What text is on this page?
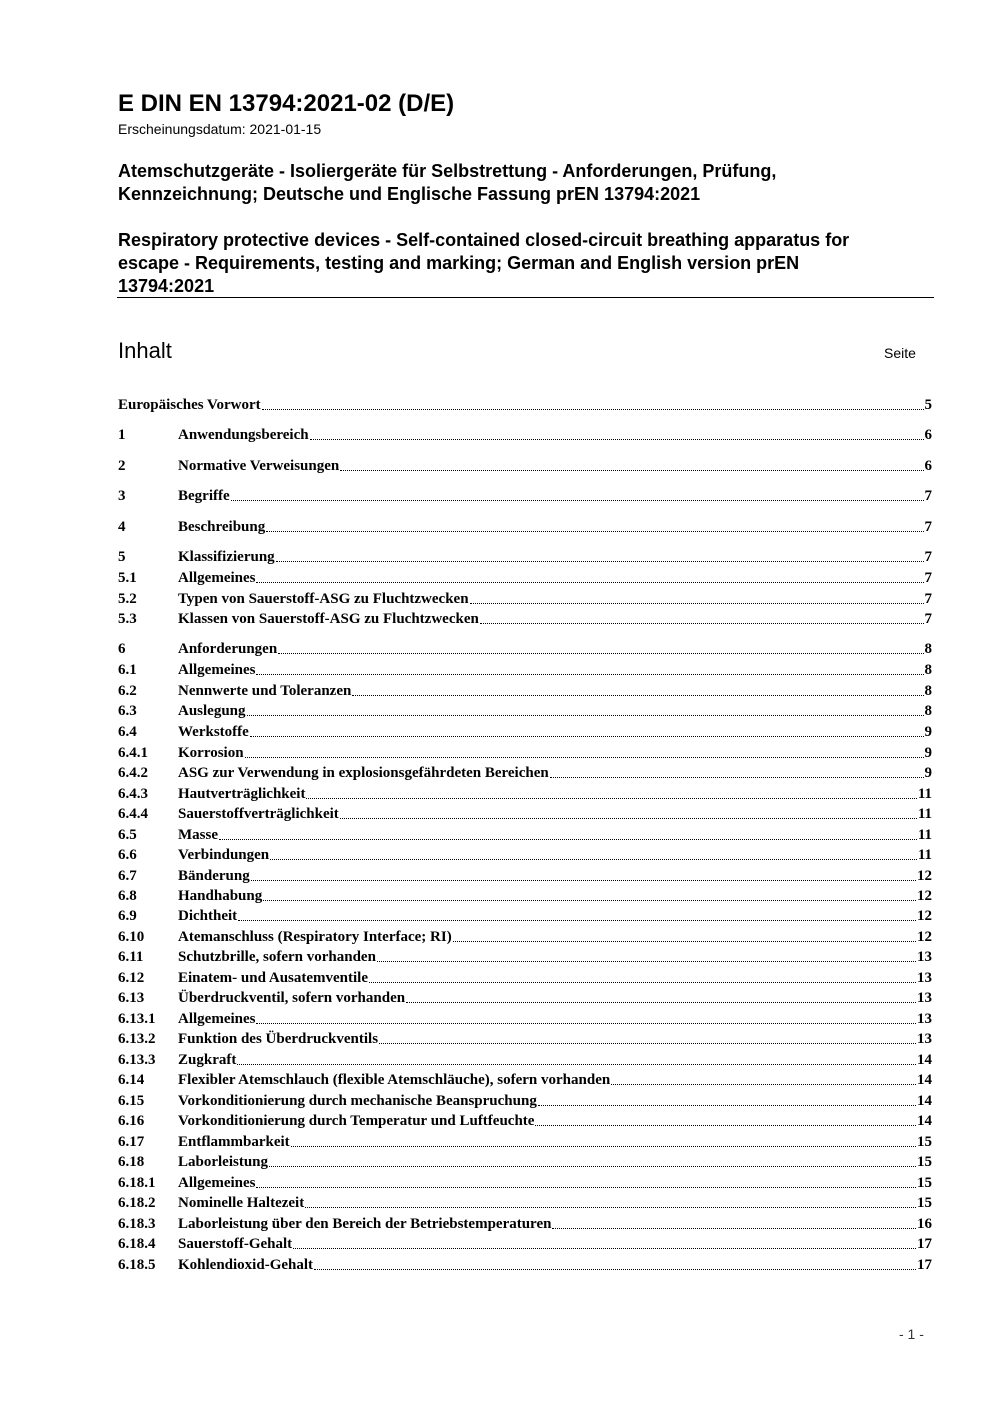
E DIN EN 13794:2021-02 (D/E)
Erscheinungsdatum: 2021-01-15
Atemschutzgeräte - Isoliergeräte für Selbstrettung - Anforderungen, Prüfung,
Kennzeichnung; Deutsche und Englische Fassung prEN 13794:2021
Respiratory protective devices - Self-contained closed-circuit breathing apparatus for
escape - Requirements, testing and marking; German and English version prEN
13794:2021
Inhalt	Seite
Europäisches Vorwort	5
1	Anwendungsbereich	6
2	Normative Verweisungen	6
3	Begriffe	7
4	Beschreibung	7
5	Klassifizierung	7
5.1	Allgemeines	7
5.2	Typen von Sauerstoff-ASG zu Fluchtzwecken	7
5.3	Klassen von Sauerstoff-ASG zu Fluchtzwecken	7
6	Anforderungen	8
6.1	Allgemeines	8
6.2	Nennwerte und Toleranzen	8
6.3	Auslegung	8
6.4	Werkstoffe	9
6.4.1	Korrosion	9
6.4.2	ASG zur Verwendung in explosionsgefährdeten Bereichen	9
6.4.3	Hautverträglichkeit	11
6.4.4	Sauerstoffverträglichkeit	11
6.5	Masse	11
6.6	Verbindungen	11
6.7	Bänderung	12
6.8	Handhabung	12
6.9	Dichtheit	12
6.10	Atemanschluss (Respiratory Interface; RI)	12
6.11	Schutzbrille, sofern vorhanden	13
6.12	Einatem- und Ausatemventile	13
6.13	Überdruckventil, sofern vorhanden	13
6.13.1	Allgemeines	13
6.13.2	Funktion des Überdruckventils	13
6.13.3	Zugkraft	14
6.14	Flexibler Atemschlauch (flexible Atemschläuche), sofern vorhanden	14
6.15	Vorkonditionierung durch mechanische Beanspruchung	14
6.16	Vorkonditionierung durch Temperatur und Luftfeuchte	14
6.17	Entflammbarkeit	15
6.18	Laborleistung	15
6.18.1	Allgemeines	15
6.18.2	Nominelle Haltezeit	15
6.18.3	Laborleistung über den Bereich der Betriebstemperaturen	16
6.18.4	Sauerstoff-Gehalt	17
6.18.5	Kohlendioxid-Gehalt	17
- 1 -
